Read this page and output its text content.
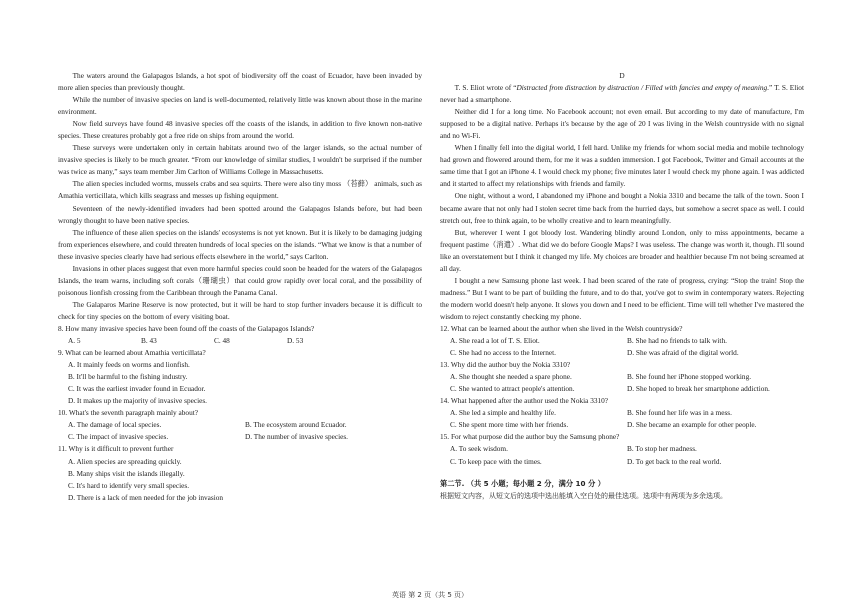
The waters around the Galapagos Islands, a hot spot of biodiversity off the coast of Ecuador, have been invaded by more alien species than previously thought.

While the number of invasive species on land is well-documented, relatively little was known about those in the marine environment.

Now field surveys have found 48 invasive species off the coasts of the islands, in addition to five known non-native species. These creatures probably got a free ride on ships from around the world.

These surveys were undertaken only in certain habitats around two of the larger islands, so the actual number of invasive species is likely to be much greater. “From our knowledge of similar studies, I wouldn't be surprised if the number was twice as many,” says team member Jim Carlton of Williams College in Massachusetts.

The alien species included worms, mussels crabs and sea squirts. There were also tiny moss （苔藓） animals, such as Amathia verticillata, which kills seagrass and messes up fishing equipment.

Seventeen of the newly-identified invaders had been spotted around the Galapagos Islands before, but had been wrongly thought to have been native species.

The influence of these alien species on the islands' ecosystems is not yet known. But it is likely to be damaging judging from experiences elsewhere, and could threaten hundreds of local species on the islands. “What we know is that a number of these invasive species clearly have had serious effects elsewhere in the world,” says Carlton.

Invasions in other places suggest that even more harmful species could soon be headed for the waters of the Galapagos Islands, the team warns, including soft corals（珊瑚虫）that could grow rapidly over local coral, and the possibility of poisonous lionfish crossing from the Caribbean through the Panama Canal.

The Galaparos Marine Reserve is now protected, but it will be hard to stop further invaders because it is difficult to check for tiny species on the bottom of every visiting boat.

8. How many invasive species have been found off the coasts of the Galapagos Islands?

A. 5	B. 43	C. 48	D. 53

9. What can be learned about Amathia verticillata?

A. It mainly feeds on worms and lionfish.

B. It'll be harmful to the fishing industry.

C. It was the earliest invader found in Ecuador.

D. It makes up the majority of invasive species.

10. What's the seventh paragraph mainly about?

A. The damage of local species.	B. The ecosystem around Ecuador.
C. The impact of invasive species.	D. The number of invasive species.

11. Why is it difficult to prevent further

A. Alien species are spreading quickly.

B. Many ships visit the islands illegally.

C. It's hard to identify very small species.

D. There is a lack of men needed for the job invasion

D

T. S. Eliot wrote of “Distracted from distraction by distraction / Filled with fancies and empty of meaning.” T. S. Eliot never had a smartphone.

Neither did I for a long time. No Facebook account; not even email. But according to my date of manufacture, I'm supposed to be a digital native. Perhaps it's because by the age of 20 I was living in the Welsh countryside with no signal and no Wi-Fi.

When I finally fell into the digital world, I fell hard. Unlike my friends for whom social media and mobile technology had grown and flowered around them, for me it was a sudden immersion. I got Facebook, Twitter and Gmail accounts at the same time that I got an iPhone 4. I would check my phone; five minutes later I would check my phone again. I was addicted and it started to affect my relationships with friends and family.

One night, without a word, I abandoned my iPhone and bought a Nokia 3310 and became the talk of the town. Soon I became aware that not only had I stolen secret time back from the hurried days, but somehow a secret space as well. I could stretch out, free to think again, to be wholly creative and to learn meaningfully.

But, wherever I went I got bloody lost. Wandering blindly around London, only to miss appointments, became a frequent pastime（消遣）. What did we do before Google Maps? I was useless. The change was worth it, though. I'll sound like an overstatement but I think it changed my life. My choices are broader and healthier because I'm not being screamed at all day.

I bought a new Samsung phone last week. I had been scared of the rate of progress, crying: “Stop the train! Stop the madness.” But I want to be part of building the future, and to do that, you've got to swim in contemporary waters. Rejecting the modern world doesn't help anyone. It slows you down and I need to be efficient. Time will tell whether I've mastered the wisdom to reject constantly checking my phone.

12. What can be learned about the author when she lived in the Welsh countryside?

A. She read a lot of T. S. Eliot.	B. She had no friends to talk with.
C. She had no access to the Internet.	D. She was afraid of the digital world.

13. Why did the author buy the Nokia 3310?

A. She thought she needed a spare phone.	B. She found her iPhone stopped working.
C. She wanted to attract people's attention.	D. She hoped to break her smartphone addiction.

14. What happened after the author used the Nokia 3310?

A. She led a simple and healthy life.	B. She found her life was in a mess.
C. She spent more time with her friends.	D. She became an example for other people.

15. For what purpose did the author buy the Samsung phone?

A. To seek wisdom.	B. To stop her madness.
C. To keep pace with the times.	D. To get back to the real world.

第二节. （共 5 小题；每小题 2 分，满分 10 分 ）

根据短文内容，从短文后的选项中选出能填入空白处的最佳选项。选项中有两项为多余选项。

英语 第 2 页（共 5 页）
